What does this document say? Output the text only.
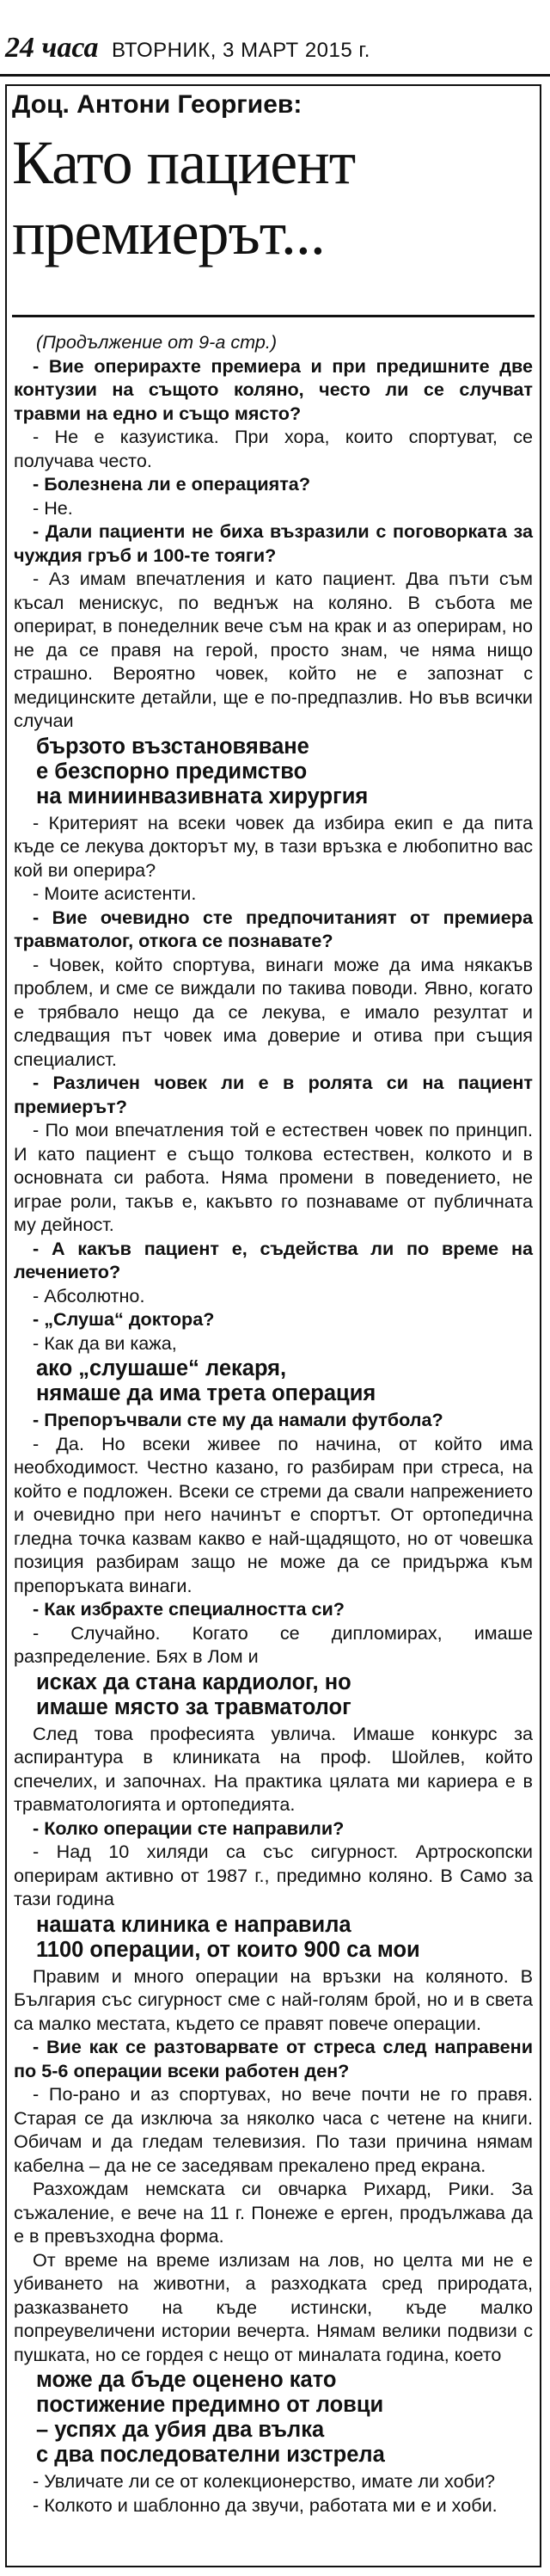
24 часа ВТОРНИК, 3 МАРТ 2015 г.
Доц. Антони Георгиев:
Като пациент
премиерът...

(Продължение от 9-а стр.)

- Вие оперирахте премиера и при предишните две контузии на същото коляно, често ли се случват травми на едно и също място?

- Не е казуистика. При хора, които спортуват, се получава често.

- Болезнена ли е операцията?

- Не.

- Дали пациенти не биха възразили с поговорката за чуждия гръб и 100-те тояги?

- Аз имам впечатления и като пациент. Два пъти съм късал менискус, по веднъж на коляно. В събота ме оперират, в понеделник вече съм на крак и аз оперирам, но не да се правя на герой, просто знам, че няма нищо страшно. Вероятно човек, който не е запознат с медицинските детайли, ще е по-предпазлив. Но във всички случаи

бързото възстановяване
е безспорно предимство
на миниинвазивната хирургия

- Критерият на всеки човек да избира екип е да пита къде се лекува докторът му, в тази връзка е любопитно вас кой ви оперира?

- Моите асистенти.

- Вие очевидно сте предпочитаният от премиера травматолог, откога се познавате?

- Човек, който спортува, винаги може да има някакъв проблем, и сме се виждали по такива поводи. Явно, когато е трябвало нещо да се лекува, е имало резултат и следващия път човек има доверие и отива при същия специалист.

- Различен човек ли е в ролята си на пациент премиерът?

- По мои впечатления той е естествен човек по принцип. И като пациент е също толкова естествен, колкото и в основната си работа. Няма промени в поведението, не играе роли, такъв е, какъвто го познаваме от публичната му дейност.

- А какъв пациент е, съдейства ли по време на лечението?

- Абсолютно.

- „Слуша“ доктора?

- Как да ви кажа,

ако „слушаше“ лекаря,
нямаше да има трета операция

- Препоръчвали сте му да намали футбола?

- Да. Но всеки живее по начина, от който има необходимост. Честно казано, го разбирам при стреса, на който е подложен. Всеки се стреми да свали напрежението и очевидно при него начинът е спортът. От ортопедична гледна точка казвам какво е най-щадящото, но от човешка позиция разбирам защо не може да се придържа към препоръката винаги.

- Как избрахте специалността си?

- Случайно. Когато се дипломирах, имаше разпределение. Бях в Лом и

исках да стана кардиолог, но
имаше място за травматолог

След това професията увлича. Имаше конкурс за аспирантура в клиниката на проф. Шойлев, който спечелих, и започнах. На практика цялата ми кариера е в травматологията и ортопедията.

- Колко операции сте направили?

- Над 10 хиляди са със сигурност. Артроскопски оперирам активно от 1987 г., предимно коляно. В Само за тази година

нашата клиника е направила
1100 операции, от които 900 са мои

Правим и много операции на връзки на коляното. В България със сигурност сме с най-голям брой, но и в света са малко местата, където се правят повече операции.

- Вие как се разтоварвате от стреса след направени по 5-6 операции всеки работен ден?

- По-рано и аз спортувах, но вече почти не го правя. Старая се да изключа за няколко часа с четене на книги. Обичам и да гледам телевизия. По тази причина нямам кабелна – да не се заседявам прекалено пред екрана.

Разхождам немската си овчарка Рихард, Рики. За съжаление, е вече на 11 г. Понеже е ерген, продължава да е в превъзходна форма.

От време на време излизам на лов, но целта ми не е убиването на животни, а разходката сред природата, разказването на къде истински, къде малко попреувеличени истории вечерта. Нямам велики подвизи с пушката, но се гордея с нещо от миналата година, което

може да бъде оценено като
постижение предимно от ловци
– успях да убия два вълка
с два последователни изстрела

- Увличате ли се от колекционерство, имате ли хоби?

- Колкото и шаблонно да звучи, работата ми е и хоби.
